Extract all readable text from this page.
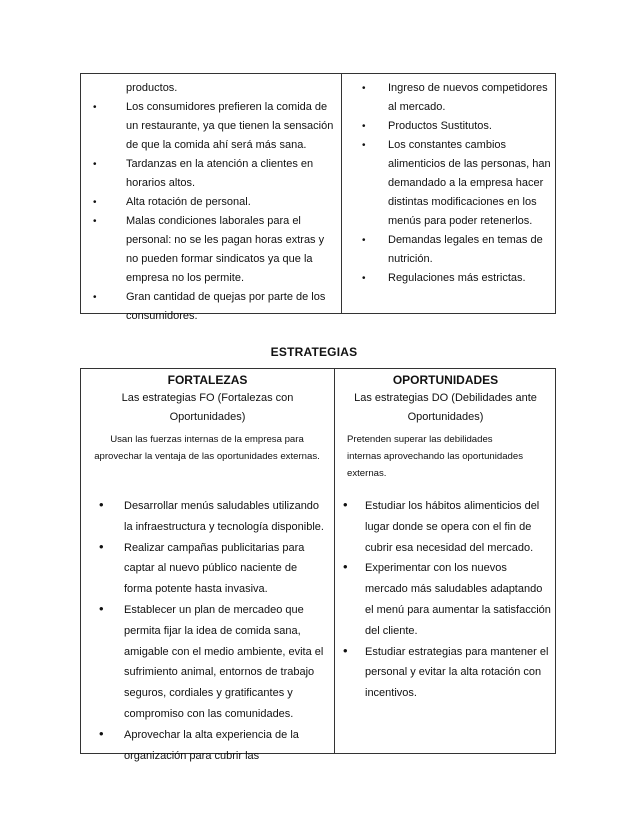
productos.
•	Los consumidores prefieren la comida de un restaurante, ya que tienen la sensación de que la comida ahí será más sana.
•	Tardanzas en la atención a clientes en horarios altos.
•	Alta rotación de personal.
•	Malas condiciones laborales para el personal: no se les pagan horas extras y no pueden formar sindicatos ya que la empresa no los permite.
•	Gran cantidad de quejas por parte de los consumidores.
• Ingreso de nuevos competidores al mercado.
• Productos Sustitutos.
• Los constantes cambios alimenticios de las personas, han demandado a la empresa hacer distintas modificaciones en los menús para poder retenerlos.
• Demandas legales en temas de nutrición.
• Regulaciones más estrictas.
ESTRATEGIAS
FORTALEZAS
Las estrategias FO (Fortalezas con Oportunidades)
Usan las fuerzas internas de la empresa para aprovechar la ventaja de las oportunidades externas.
• Desarrollar menús saludables utilizando la infraestructura y tecnología disponible.
• Realizar campañas publicitarias para captar al nuevo público naciente de forma potente hasta invasiva.
• Establecer un plan de mercadeo que permita fijar la idea de comida sana, amigable con el medio ambiente, evita el sufrimiento animal, entornos de trabajo seguros, cordiales y gratificantes y compromiso con las comunidades.
• Aprovechar la alta experiencia de la organización para cubrir las
OPORTUNIDADES
Las estrategias DO (Debilidades ante Oportunidades)
Pretenden superar las debilidades internas aprovechando las oportunidades externas.
• Estudiar los hábitos alimenticios del lugar donde se opera con el fin de cubrir esa necesidad del mercado.
• Experimentar con los nuevos mercado más saludables adaptando el menú para aumentar la satisfacción del cliente.
• Estudiar estrategias para mantener el personal y evitar la alta rotación con incentivos.
